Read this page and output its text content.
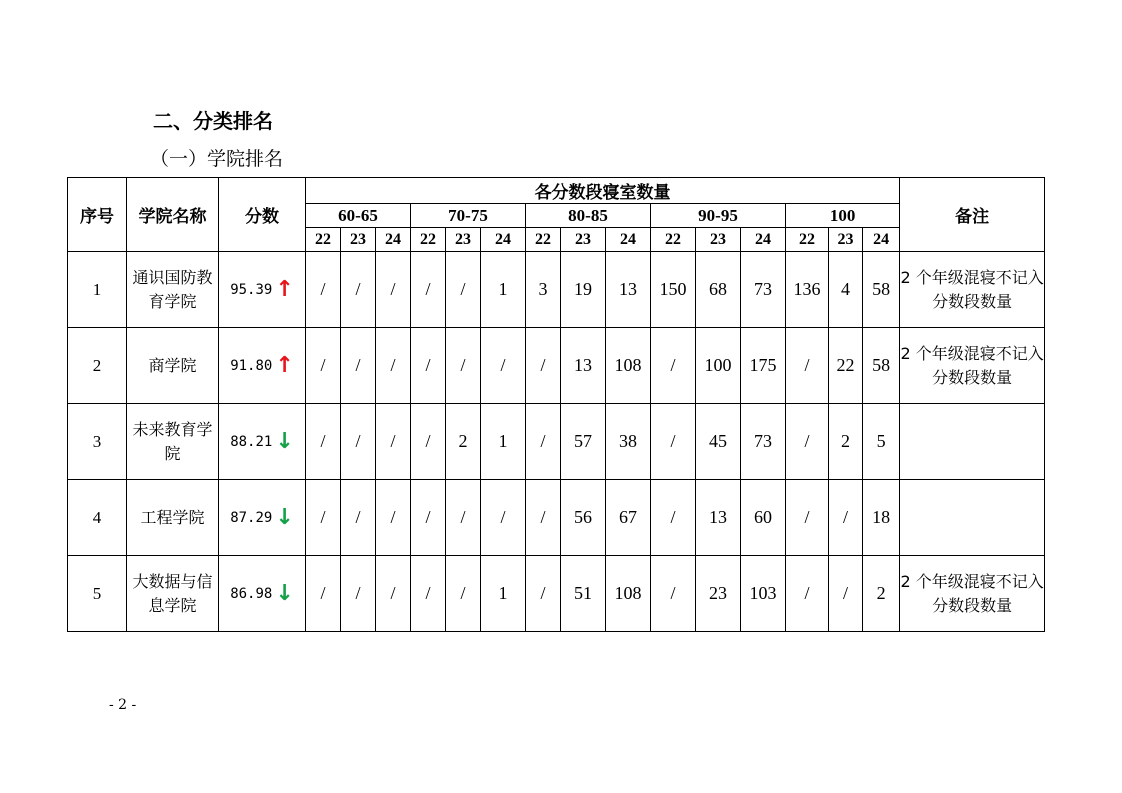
二、分类排名
（一）学院排名
序号	学院名称	分数	各分数段寝室数量															备注
			60-65			70-75			80-85			90-95			100			
			22	23	24	22	23	24	22	23	24	22	23	24	22	23	24	
1	通识国防教育学院	95.39 ↑	/	/	/	/	/	1	3	19	13	150	68	73	136	4	58	2 个年级混寝不记入分数段数量
2	商学院	91.80 ↑	/	/	/	/	/	/	/	13	108	/	100	175	/	22	58	2 个年级混寝不记入分数段数量
3	未来教育学院	88.21 ↓	/	/	/	/	2	1	/	57	38	/	45	73	/	2	5	
4	工程学院	87.29 ↓	/	/	/	/	/	/	/	56	67	/	13	60	/	/	18	
5	大数据与信息学院	86.98 ↓	/	/	/	/	/	1	/	51	108	/	23	103	/	/	2	2 个年级混寝不记入分数段数量
- 2 -
